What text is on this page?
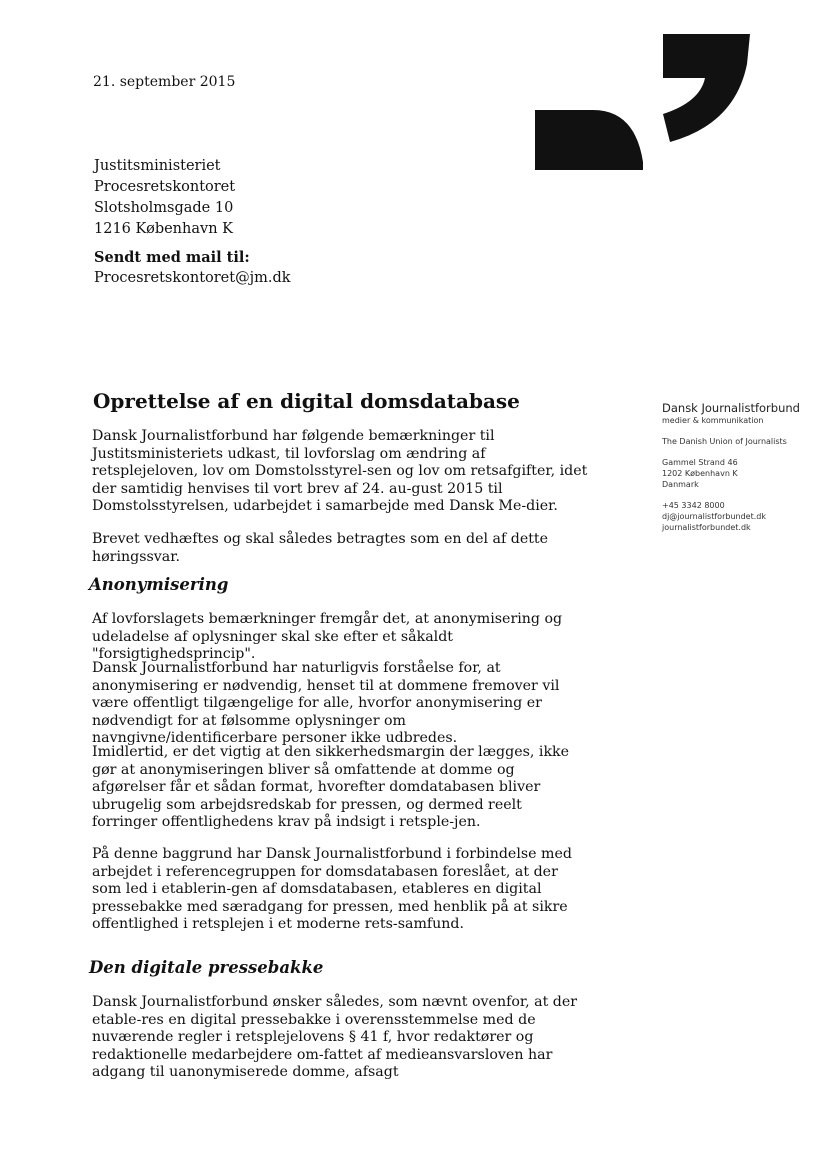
21. september 2015
Justitsministeriet
Procesretskontoret
Slotsholmsgade 10
1216 København K
Sendt med mail til:
Procesretskontoret@jm.dk
Oprettelse af en digital domsdatabase

Dansk Journalistforbund har følgende bemærkninger til Justitsministeriets udkast, til lovforslag om ændring af retsplejeloven, lov om Domstolsstyrel-sen og lov om retsafgifter, idet der samtidig henvises til vort brev af 24. au-gust 2015 til Domstolsstyrelsen, udarbejdet i samarbejde med Dansk Me-dier.

Brevet vedhæftes og skal således betragtes som en del af dette høringssvar.

Anonymisering

Af lovforslagets bemærkninger fremgår det, at anonymisering og udeladelse af oplysninger skal ske efter et såkaldt "forsigtighedsprincip".

Dansk Journalistforbund har naturligvis forståelse for, at anonymisering er nødvendig, henset til at dommene fremover vil være offentligt tilgængelige for alle, hvorfor anonymisering er nødvendigt for at følsomme oplysninger om navngivne/identificerbare personer ikke udbredes.

Imidlertid, er det vigtig at den sikkerhedsmargin der lægges, ikke gør at anonymiseringen bliver så omfattende at domme og afgørelser får et sådan format, hvorefter domdatabasen bliver ubrugelig som arbejdsredskab for pressen, og dermed reelt forringer offentlighedens krav på indsigt i retsple-jen.

På denne baggrund har Dansk Journalistforbund i forbindelse med arbejdet i referencegruppen for domsdatabasen foreslået, at der som led i etablerin-gen af domsdatabasen, etableres en digital pressebakke med særadgang for pressen, med henblik på at sikre offentlighed i retsplejen i et moderne rets-samfund.

Den digitale pressebakke

Dansk Journalistforbund ønsker således, som nævnt ovenfor, at der etable-res en digital pressebakke i overensstemmelse med de nuværende regler i retsplejelovens § 41 f, hvor redaktører og redaktionelle medarbejdere om-fattet af medieansvarsloven har adgang til uanonymiserede domme, afsagt

Dansk Journalistforbund
medier & kommunikation
The Danish Union of Journalists
Gammel Strand 46
1202 København K
Danmark
+45 3342 8000
dj@journalistforbundet.dk
journalistforbundet.dk
